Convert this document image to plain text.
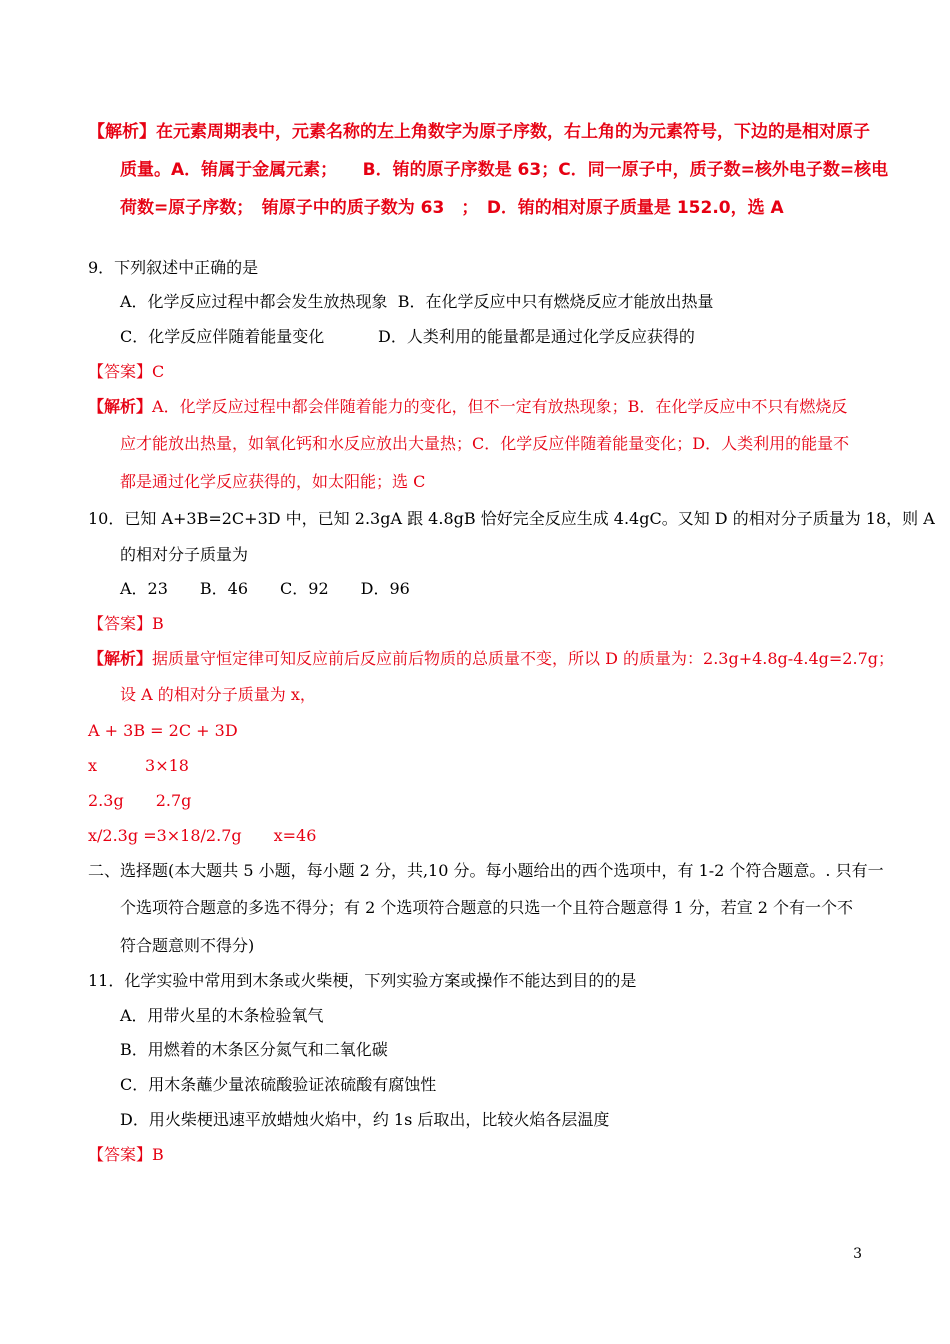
【解析】在元素周期表中，元素名称的左上角数字为原子序数，右上角的为元素符号，下边的是相对原子
质量。A．铕属于金属元素；　　B．铕的原子序数是 63；C．同一原子中，质子数=核外电子数=核电
荷数=原子序数；　铕原子中的质子数为 63　；　D．铕的相对原子质量是 152.0，选 A
9．下列叙述中正确的是
A．化学反应过程中都会发生放热现象 B．在化学反应中只有燃烧反应才能放出热量
C．化学反应伴随着能量变化	D．人类利用的能量都是通过化学反应获得的
【答案】C
【解析】A．化学反应过程中都会伴随着能力的变化，但不一定有放热现象；B．在化学反应中不只有燃烧反
应才能放出热量，如氧化钙和水反应放出大量热；C．化学反应伴随着能量变化；D．人类利用的能量不
都是通过化学反应获得的，如太阳能；选 C
10．已知 A+3B=2C+3D 中，已知 2.3gA 跟 4.8gB 恰好完全反应生成 4.4gC。又知 D 的相对分子质量为 18，则 A
的相对分子质量为
A．23　　B．46　　C．92　　D．96
【答案】B
【解析】据质量守恒定律可知反应前后反应前后物质的总质量不变，所以 D 的质量为：2.3g+4.8g-4.4g=2.7g；
设 A 的相对分子质量为 x，
A + 3B = 2C + 3D
x　　　3×18
2.3g　　2.7g
x/2.3g =3×18/2.7g　　x=46
二、选择题(本大题共 5 小题，每小题 2 分，共,10 分。每小题给出的西个选项中，有 1-2 个符合题意。. 只有一
个选项符合题意的多选不得分；有 2 个选项符合题意的只选一个且符合题意得 1 分，若宣 2 个有一个不
符合题意则不得分)
11．化学实验中常用到木条或火柴梗，下列实验方案或操作不能达到目的的是
A．用带火星的木条检验氧气
B．用燃着的木条区分氮气和二氧化碳
C．用木条蘸少量浓硫酸验证浓硫酸有腐蚀性
D．用火柴梗迅速平放蜡烛火焰中，约 1s 后取出，比较火焰各层温度
【答案】B
3
